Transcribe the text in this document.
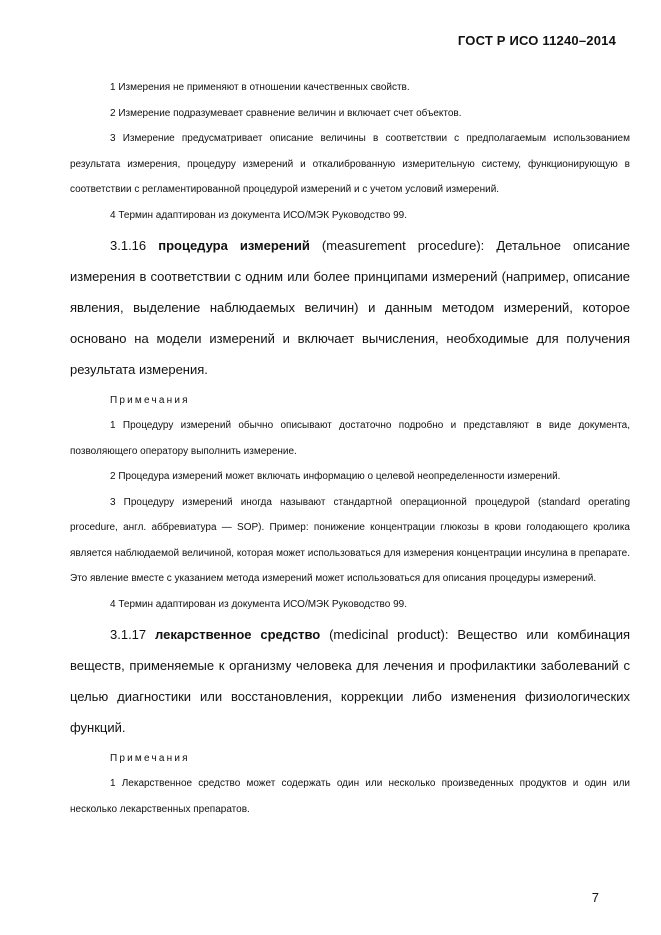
ГОСТ Р ИСО 11240–2014

1 Измерения не применяют в отношении качественных свойств.

2 Измерение подразумевает сравнение величин и включает счет объектов.

3 Измерение предусматривает описание величины в соответствии с предполагаемым использованием результата измерения, процедуру измерений и откалиброванную измерительную систему, функционирующую в соответствии с регламентированной процедурой измерений и с учетом условий измерений.

4 Термин адаптирован из документа ИСО/МЭК Руководство 99.

3.1.16 процедура измерений (measurement procedure): Детальное описание измерения в соответствии с одним или более принципами измерений (например, описание явления, выделение наблюдаемых величин) и данным методом измерений, которое основано на модели измерений и включает вычисления, необходимые для получения результата измерения.

Примечания

1 Процедуру измерений обычно описывают достаточно подробно и представляют в виде документа, позволяющего оператору выполнить измерение.

2 Процедура измерений может включать информацию о целевой неопределенности измерений.

3 Процедуру измерений иногда называют стандартной операционной процедурой (standard operating procedure, англ. аббревиатура — SOP). Пример: понижение концентрации глюкозы в крови голодающего кролика является наблюдаемой величиной, которая может использоваться для измерения концентрации инсулина в препарате. Это явление вместе с указанием метода измерений может использоваться для описания процедуры измерений.

4 Термин адаптирован из документа ИСО/МЭК Руководство 99.

3.1.17 лекарственное средство (medicinal product): Вещество или комбинация веществ, применяемые к организму человека для лечения и профилактики заболеваний с целью диагностики или восстановления, коррекции либо изменения физиологических функций.

Примечания

1 Лекарственное средство может содержать один или несколько произведенных продуктов и один или несколько лекарственных препаратов.

7
